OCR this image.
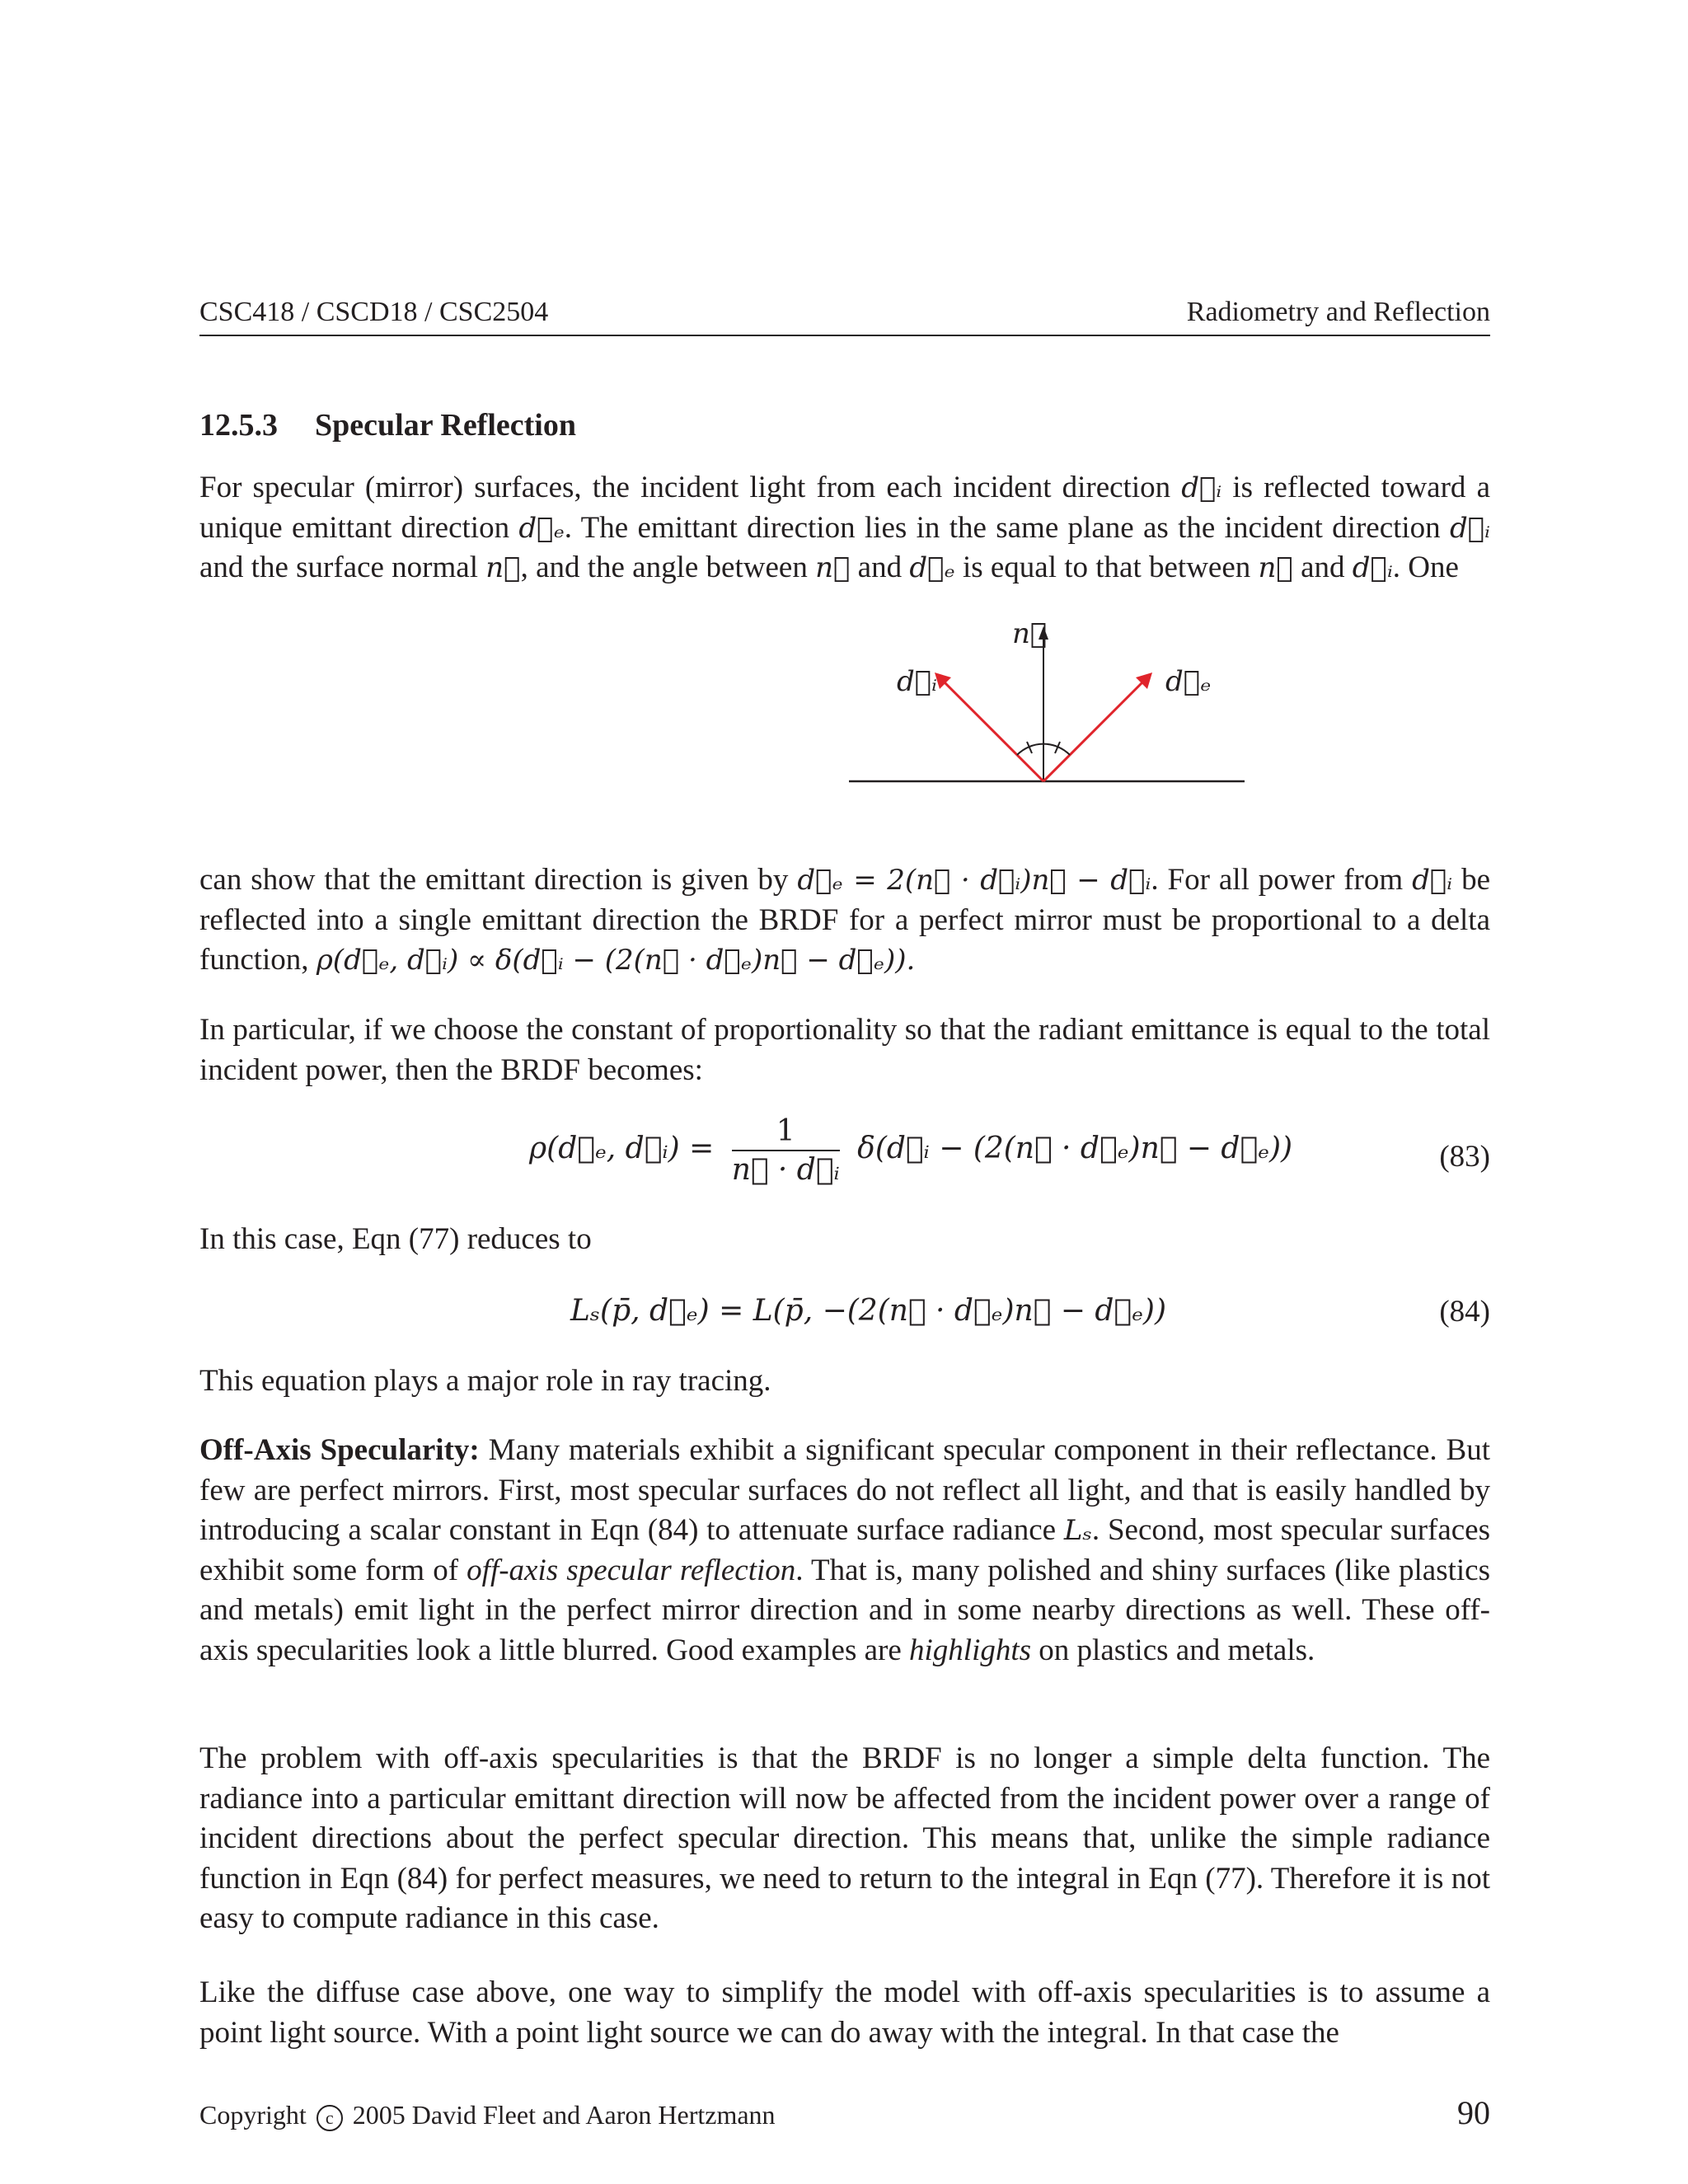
CSC418 / CSCD18 / CSC2504	Radiometry and Reflection
12.5.3 Specular Reflection

For specular (mirror) surfaces, the incident light from each incident direction d⃗ᵢ is reflected toward a unique emittant direction d⃗ₑ. The emittant direction lies in the same plane as the incident direction d⃗ᵢ and the surface normal n⃗, and the angle between n⃗ and d⃗ₑ is equal to that between n⃗ and d⃗ᵢ. One

n⃗
d⃗ᵢ	d⃗ₑ

can show that the emittant direction is given by d⃗ₑ = 2(n⃗ · d⃗ᵢ)n⃗ − d⃗ᵢ. For all power from d⃗ᵢ be reflected into a single emittant direction the BRDF for a perfect mirror must be proportional to a delta function, ρ(d⃗ₑ, d⃗ᵢ) ∝ δ(d⃗ᵢ − (2(n⃗ · d⃗ₑ)n⃗ − d⃗ₑ)).

In particular, if we choose the constant of proportionality so that the radiant emittance is equal to the total incident power, then the BRDF becomes:

ρ(d⃗ₑ, d⃗ᵢ) = $\frac{1}{\text{n⃗ · d⃗ᵢ}}$ δ(d⃗ᵢ − (2(n⃗ · d⃗ₑ)n⃗ − d⃗ₑ))	(83)

In this case, Eqn (77) reduces to

Lₛ(p̄, d⃗ₑ) = L(p̄, −(2(n⃗ · d⃗ₑ)n⃗ − d⃗ₑ))	(84)

This equation plays a major role in ray tracing.

Off-Axis Specularity: Many materials exhibit a significant specular component in their reflectance. But few are perfect mirrors. First, most specular surfaces do not reflect all light, and that is easily handled by introducing a scalar constant in Eqn (84) to attenuate surface radiance Lₛ. Second, most specular surfaces exhibit some form of off-axis specular reflection. That is, many polished and shiny surfaces (like plastics and metals) emit light in the perfect mirror direction and in some nearby directions as well. These off-axis specularities look a little blurred. Good examples are highlights on plastics and metals.

The problem with off-axis specularities is that the BRDF is no longer a simple delta function. The radiance into a particular emittant direction will now be affected from the incident power over a range of incident directions about the perfect specular direction. This means that, unlike the simple radiance function in Eqn (84) for perfect measures, we need to return to the integral in Eqn (77). Therefore it is not easy to compute radiance in this case.

Like the diffuse case above, one way to simplify the model with off-axis specularities is to assume a point light source. With a point light source we can do away with the integral. In that case the

Copyright c 2005 David Fleet and Aaron Hertzmann	90
